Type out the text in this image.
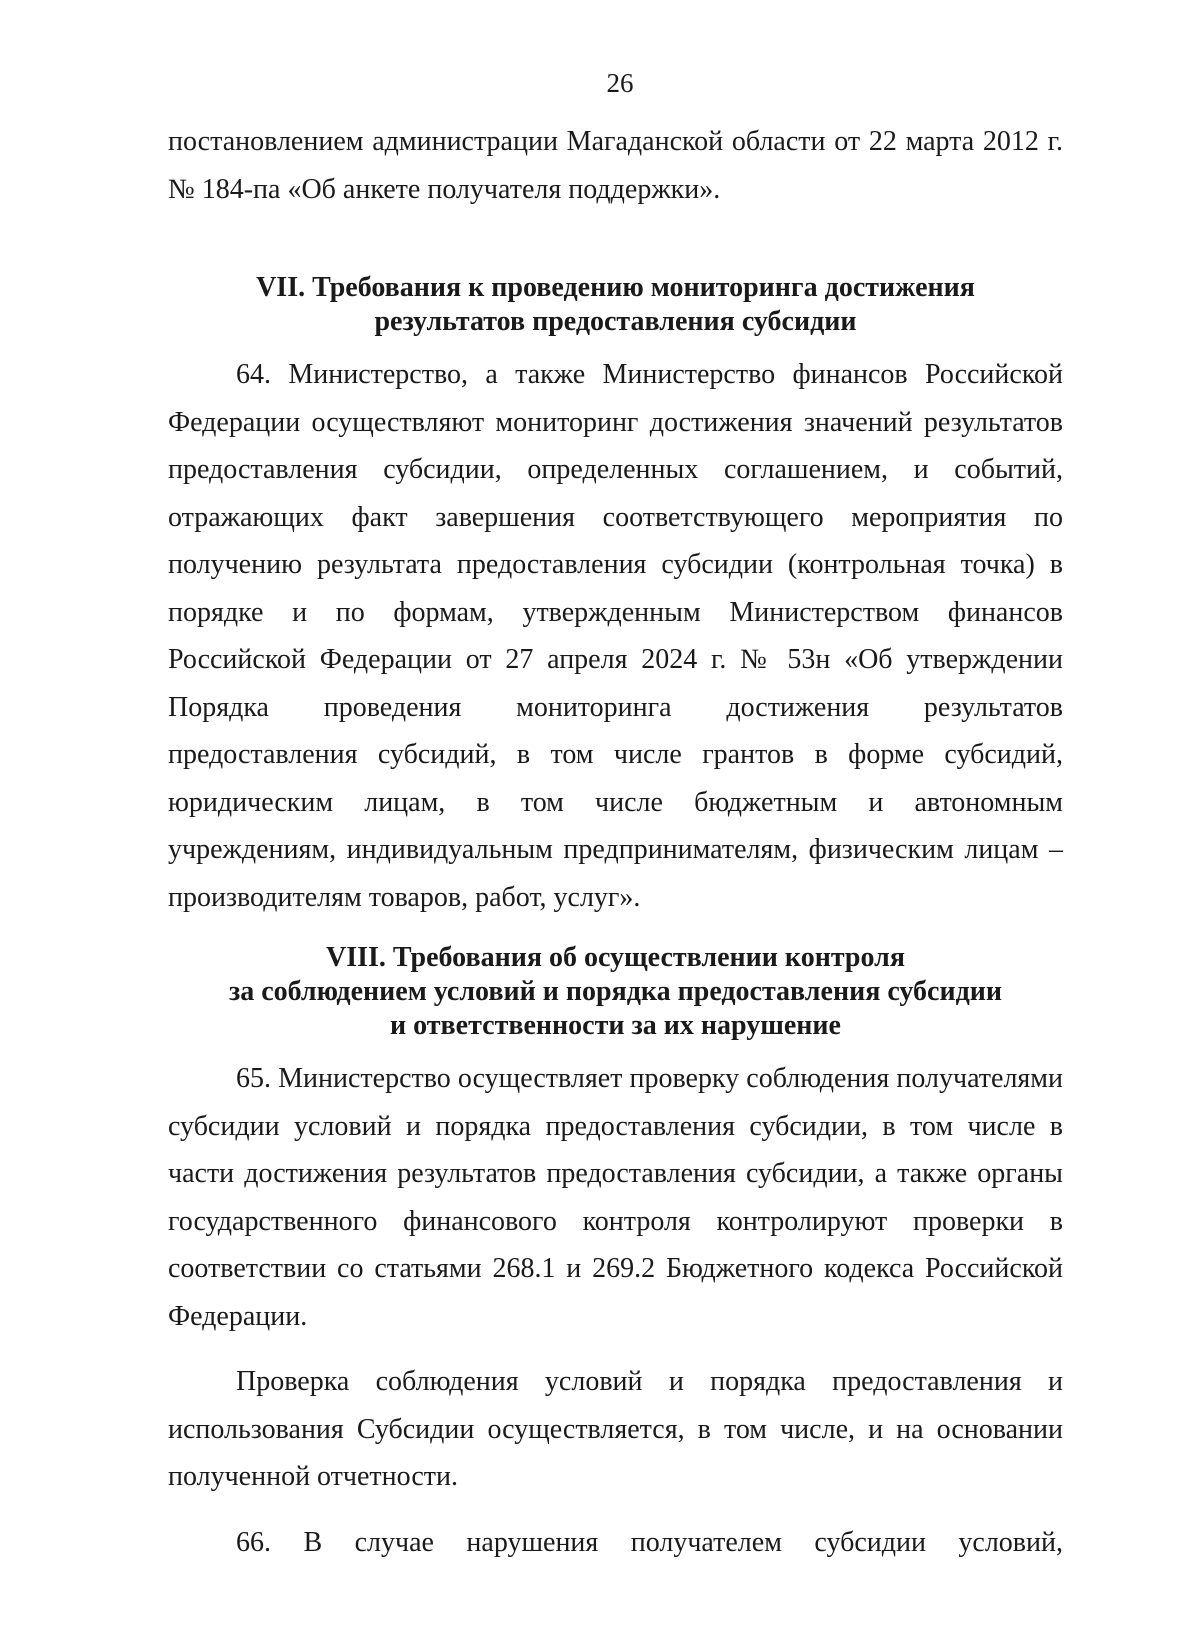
26

постановлением администрации Магаданской области от 22 марта 2012 г. № 184-па «Об анкете получателя поддержки».

VII. Требования к проведению мониторинга достижения
результатов предоставления субсидии

64. Министерство, а также Министерство финансов Российской Федерации осуществляют мониторинг достижения значений результатов предоставления субсидии, определенных соглашением, и событий, отражающих факт завершения соответствующего мероприятия по получению результата предоставления субсидии (контрольная точка) в порядке и по формам, утвержденным Министерством финансов Российской Федерации от 27 апреля 2024 г. № 53н «Об утверждении Порядка проведения мониторинга достижения результатов предоставления субсидий, в том числе грантов в форме субсидий, юридическим лицам, в том числе бюджетным и автономным учреждениям, индивидуальным предпринимателям, физическим лицам – производителям товаров, работ, услуг».

VIII. Требования об осуществлении контроля
за соблюдением условий и порядка предоставления субсидии
и ответственности за их нарушение

65. Министерство осуществляет проверку соблюдения получателями субсидии условий и порядка предоставления субсидии, в том числе в части достижения результатов предоставления субсидии, а также органы государственного финансового контроля контролируют проверки в соответствии со статьями 268.1 и 269.2 Бюджетного кодекса Российской Федерации.

Проверка соблюдения условий и порядка предоставления и использования Субсидии осуществляется, в том числе, и на основании полученной отчетности.

66. В случае нарушения получателем субсидии условий,
